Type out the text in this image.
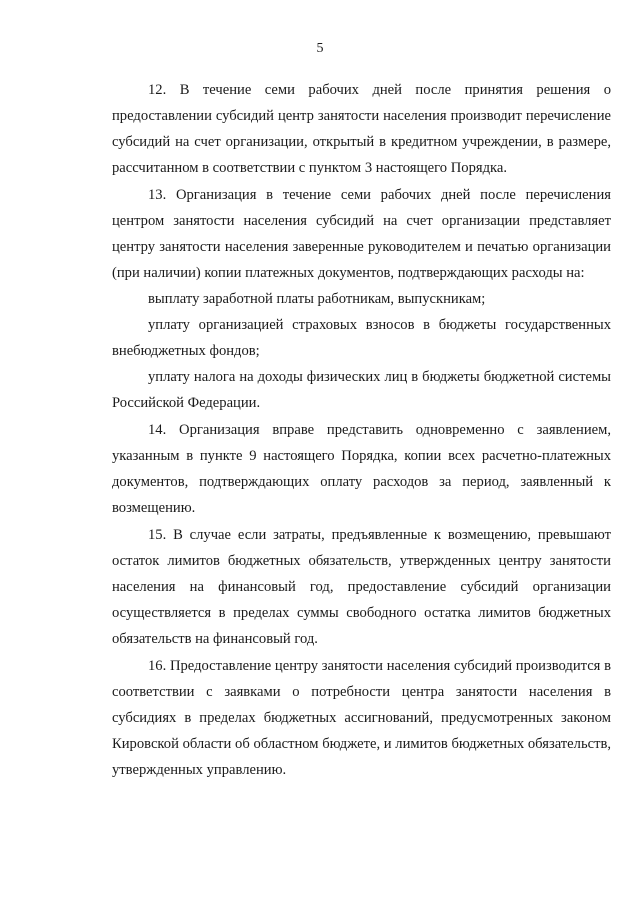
5

12. В течение семи рабочих дней после принятия решения о предоставлении субсидий центр занятости населения производит перечисление субсидий на счет организации, открытый в кредитном учреждении, в размере, рассчитанном в соответствии с пунктом 3 настоящего Порядка.

13. Организация в течение семи рабочих дней после перечисления центром занятости населения субсидий на счет организации представляет центру занятости населения заверенные руководителем и печатью организации (при наличии) копии платежных документов, подтверждающих расходы на:

выплату заработной платы работникам, выпускникам;

уплату организацией страховых взносов в бюджеты государственных внебюджетных фондов;

уплату налога на доходы физических лиц в бюджеты бюджетной системы Российской Федерации.

14. Организация вправе представить одновременно с заявлением, указанным в пункте 9 настоящего Порядка, копии всех расчетно-платежных документов, подтверждающих оплату расходов за период, заявленный к возмещению.

15. В случае если затраты, предъявленные к возмещению, превышают остаток лимитов бюджетных обязательств, утвержденных центру занятости населения на финансовый год, предоставление субсидий организации осуществляется в пределах суммы свободного остатка лимитов бюджетных обязательств на финансовый год.

16. Предоставление центру занятости населения субсидий производится в соответствии с заявками о потребности центра занятости населения в субсидиях в пределах бюджетных ассигнований, предусмотренных законом Кировской области об областном бюджете, и лимитов бюджетных обязательств, утвержденных управлению.
